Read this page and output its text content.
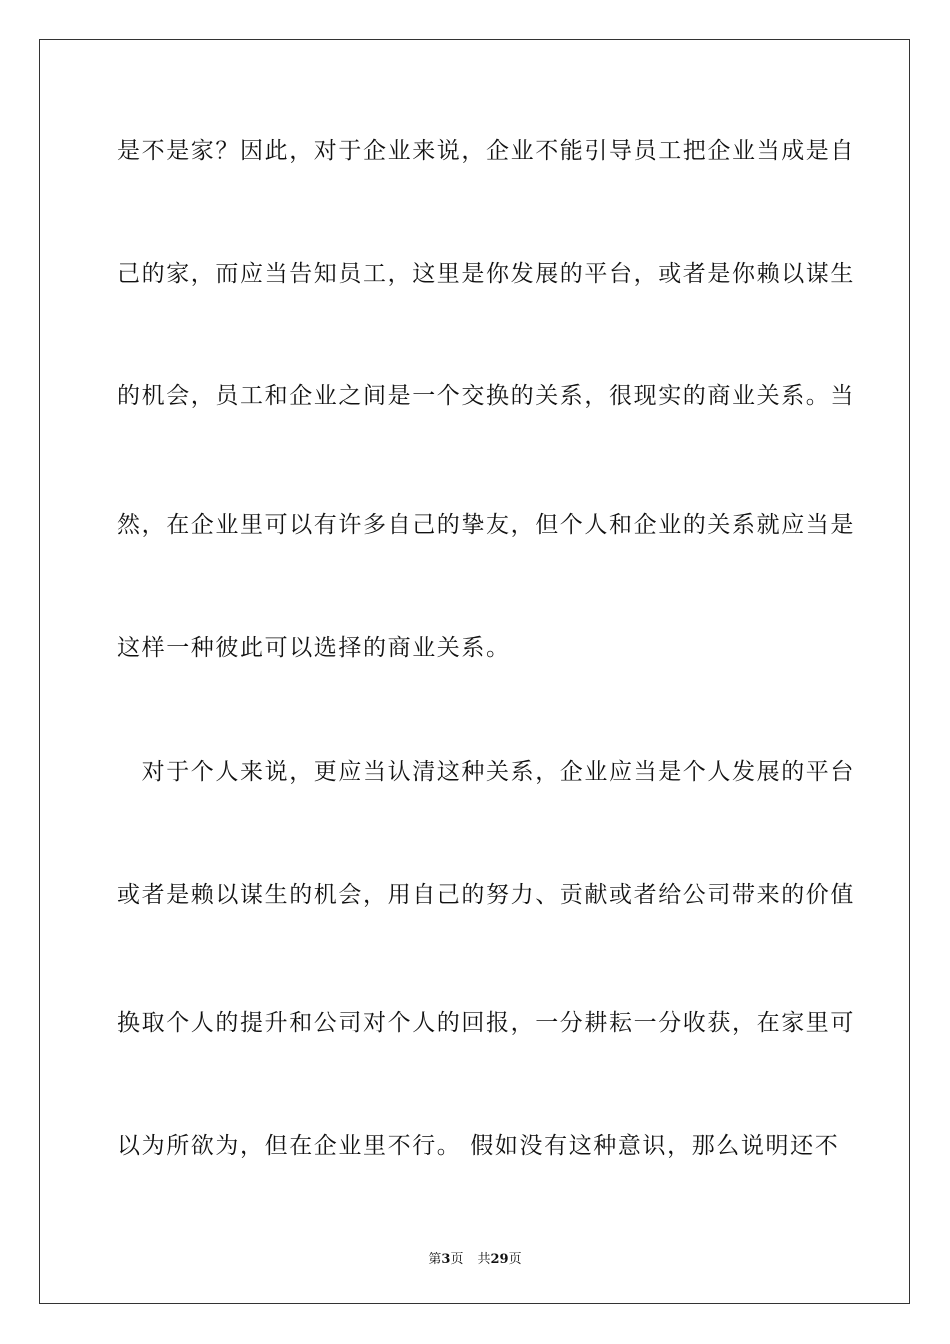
是不是家？因此，对于企业来说，企业不能引导员工把企业当成是自
己的家，而应当告知员工，这里是你发展的平台，或者是你赖以谋生
的机会，员工和企业之间是一个交换的关系，很现实的商业关系。当
然，在企业里可以有许多自己的挚友，但个人和企业的关系就应当是
这样一种彼此可以选择的商业关系。
　对于个人来说，更应当认清这种关系，企业应当是个人发展的平台
或者是赖以谋生的机会，用自己的努力、贡献或者给公司带来的价值
换取个人的提升和公司对个人的回报，一分耕耘一分收获，在家里可
以为所欲为，但在企业里不行。 假如没有这种意识，那么说明还不
第3页 共29页
